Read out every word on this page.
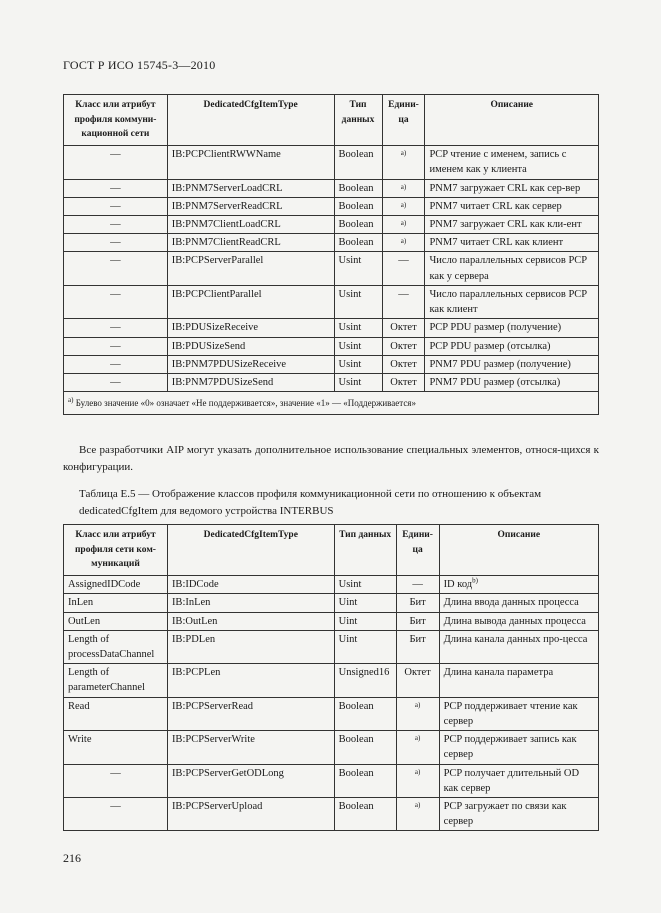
ГОСТ Р ИСО 15745-3—2010
Класс или атрибут профиля коммуни-кационной сети	DedicatedCfgItemType	Тип данных	Едини-ца	Описание
—	IB:PCPClientRWWName	Boolean	a)	PCP чтение с именем, запись с именем как у клиента
—	IB:PNM7ServerLoadCRL	Boolean	a)	PNM7 загружает CRL как сер-вер
—	IB:PNM7ServerReadCRL	Boolean	a)	PNM7 читает CRL как сервер
—	IB:PNM7ClientLoadCRL	Boolean	a)	PNM7 загружает CRL как кли-ент
—	IB:PNM7ClientReadCRL	Boolean	a)	PNM7 читает CRL как клиент
—	IB:PCPServerParallel	Usint	—	Число параллельных сервисов PCP как у сервера
—	IB:PCPClientParallel	Usint	—	Число параллельных сервисов PCP как клиент
—	IB:PDUSizeReceive	Usint	Октет	PCP PDU размер (получение)
—	IB:PDUSizeSend	Usint	Октет	PCP PDU размер (отсылка)
—	IB:PNM7PDUSizeReceive	Usint	Октет	PNM7 PDU размер (получение)
—	IB:PNM7PDUSizeSend	Usint	Октет	PNM7 PDU размер (отсылка)
$^{a)}$ Булево значение «0» означает «Не поддерживается», значение «1» — «Поддерживается»				
Все разработчики AIP могут указать дополнительное использование специальных элементов, относя-щихся к конфигурации.
Таблица Е.5 — Отображение классов профиля коммуникационной сети по отношению к объектам
dedicatedCfgItem для ведомого устройства INTERBUS
Класс или атрибут профиля сети ком-муникаций	DedicatedCfgItemType	Тип данных	Едини-ца	Описание
AssignedIDCode	IB:IDCode	Usint	—	ID код$^{b)}$
InLen	IB:InLen	Uint	Бит	Длина ввода данных процесса
OutLen	IB:OutLen	Uint	Бит	Длина вывода данных процесса
Length of processDataChannel	IB:PDLen	Uint	Бит	Длина канала данных про-цесса
Length of parameterChannel	IB:PCPLen	Unsigned16	Октет	Длина канала параметра
Read	IB:PCPServerRead	Boolean	a)	PCP поддерживает чтение как сервер
Write	IB:PCPServerWrite	Boolean	a)	PCP поддерживает запись как сервер
—	IB:PCPServerGetODLong	Boolean	a)	PCP получает длительный OD как сервер
—	IB:PCPServerUpload	Boolean	a)	PCP загружает по связи как сервер
216
